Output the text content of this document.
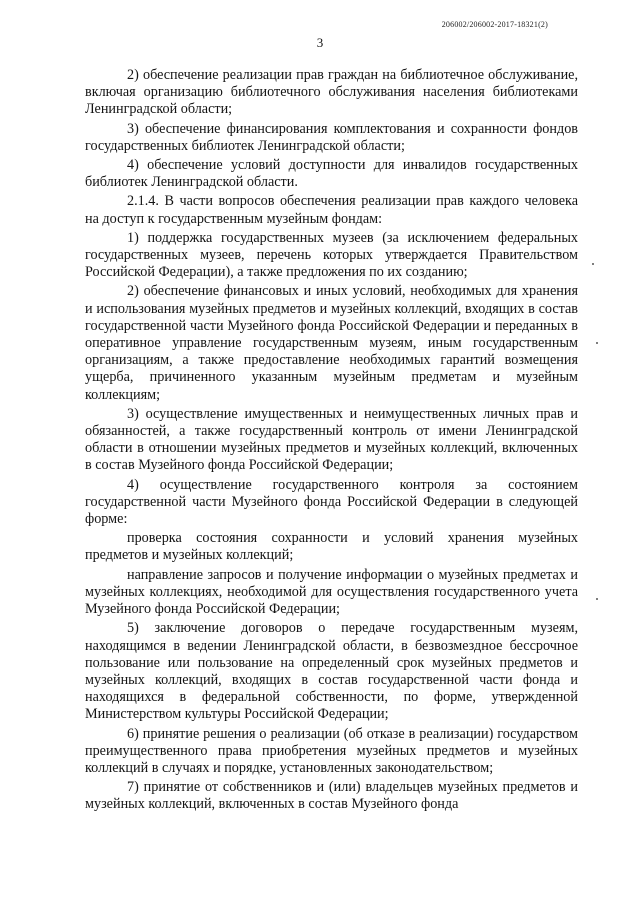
206002/206002-2017-18321(2)
3

2) обеспечение реализации прав граждан на библиотечное обслуживание, включая организацию библиотечного обслуживания населения библиотеками Ленинградской области;

3) обеспечение финансирования комплектования и сохранности фондов государственных библиотек Ленинградской области;

4) обеспечение условий доступности для инвалидов государственных библиотек Ленинградской области.

2.1.4. В части вопросов обеспечения реализации прав каждого человека на доступ к государственным музейным фондам:

1) поддержка государственных музеев (за исключением федеральных государственных музеев, перечень которых утверждается Правительством Российской Федерации), а также предложения по их созданию;

2) обеспечение финансовых и иных условий, необходимых для хранения и использования музейных предметов и музейных коллекций, входящих в состав государственной части Музейного фонда Российской Федерации и переданных в оперативное управление государственным музеям, иным государственным организациям, а также предоставление необходимых гарантий возмещения ущерба, причиненного указанным музейным предметам и музейным коллекциям;

3) осуществление имущественных и неимущественных личных прав и обязанностей, а также государственный контроль от имени Ленинградской области в отношении музейных предметов и музейных коллекций, включенных в состав Музейного фонда Российской Федерации;

4) осуществление государственного контроля за состоянием государственной части Музейного фонда Российской Федерации в следующей форме:

проверка состояния сохранности и условий хранения музейных предметов и музейных коллекций;

направление запросов и получение информации о музейных предметах и музейных коллекциях, необходимой для осуществления государственного учета Музейного фонда Российской Федерации;

5) заключение договоров о передаче государственным музеям, находящимся в ведении Ленинградской области, в безвозмездное бессрочное пользование или пользование на определенный срок музейных предметов и музейных коллекций, входящих в состав государственной части фонда и находящихся в федеральной собственности, по форме, утвержденной Министерством культуры Российской Федерации;

6) принятие решения о реализации (об отказе в реализации) государством преимущественного права приобретения музейных предметов и музейных коллекций в случаях и порядке, установленных законодательством;

7) принятие от собственников и (или) владельцев музейных предметов и музейных коллекций, включенных в состав Музейного фонда
